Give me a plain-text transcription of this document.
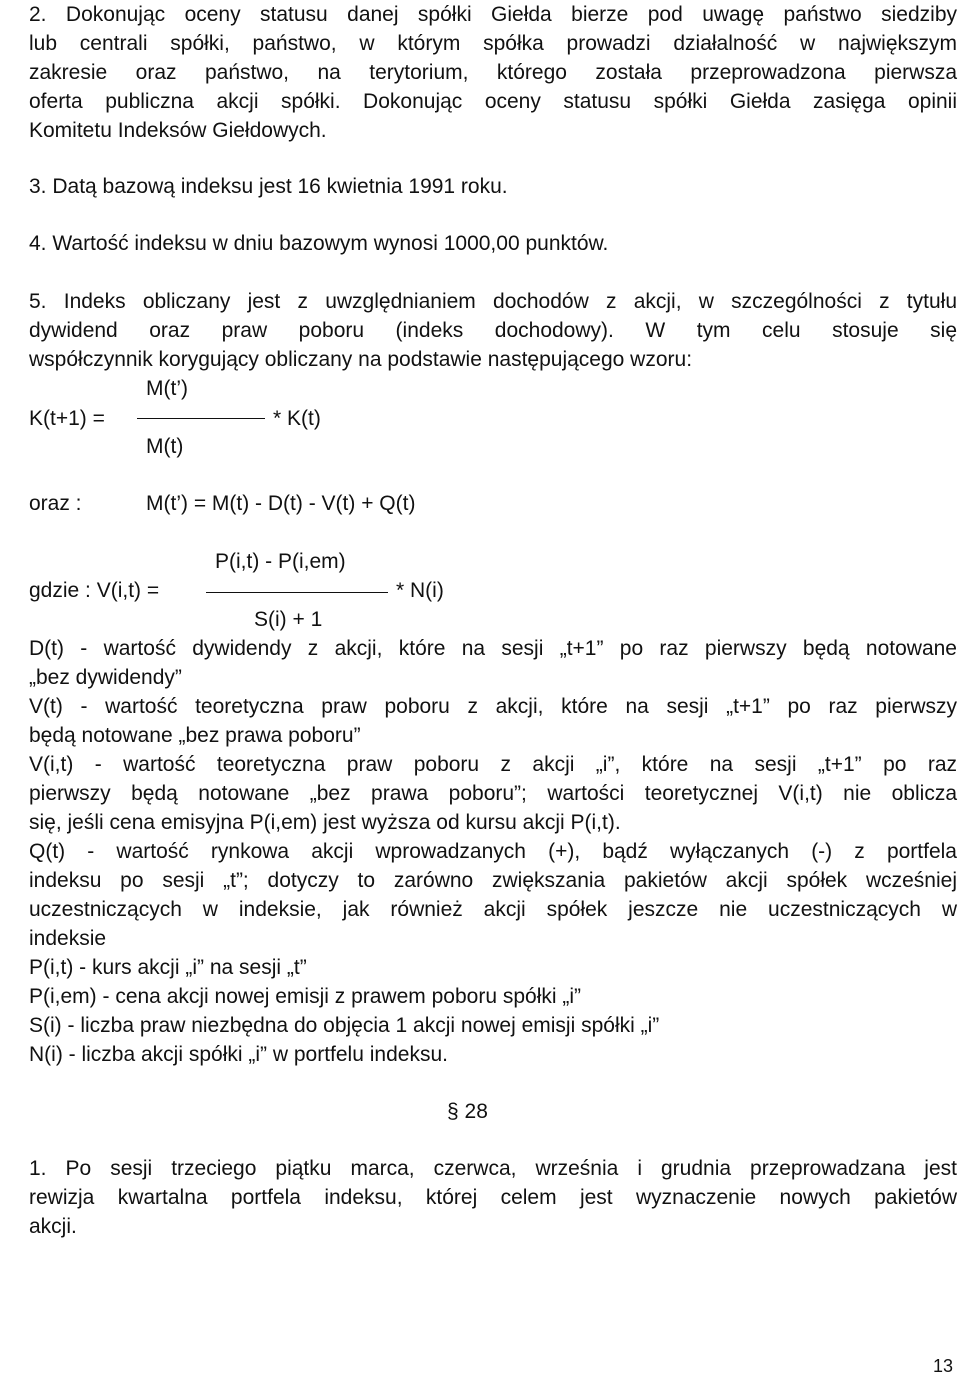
2. Dokonując oceny statusu danej spółki Giełda bierze pod uwagę państwo siedziby
lub centrali spółki, państwo, w którym spółka prowadzi działalność w największym
zakresie oraz państwo, na terytorium, którego została przeprowadzona pierwsza
oferta publiczna akcji spółki. Dokonując oceny statusu spółki Giełda zasięga opinii
Komitetu Indeksów Giełdowych.
3. Datą bazową indeksu jest 16 kwietnia 1991 roku.
4. Wartość indeksu w dniu bazowym wynosi 1000,00 punktów.
5. Indeks obliczany jest z uwzględnianiem dochodów z akcji, w szczególności z tytułu
dywidend oraz praw poboru (indeks dochodowy). W tym celu stosuje się
współczynnik korygujący obliczany na podstawie następującego wzoru:
M(t’)
K(t+1) =	* K(t)
M(t)
oraz :	M(t’) = M(t) - D(t) - V(t) + Q(t)
P(i,t) - P(i,em)
gdzie : V(i,t) =	* N(i)
S(i) + 1
D(t) - wartość dywidendy z akcji, które na sesji „t+1” po raz pierwszy będą notowane
„bez dywidendy”
V(t) - wartość teoretyczna praw poboru z akcji, które na sesji „t+1” po raz pierwszy
będą notowane „bez prawa poboru”
V(i,t) - wartość teoretyczna praw poboru z akcji „i”, które na sesji „t+1” po raz
pierwszy będą notowane „bez prawa poboru”; wartości teoretycznej V(i,t) nie oblicza
się, jeśli cena emisyjna P(i,em) jest wyższa od kursu akcji P(i,t).
Q(t) - wartość rynkowa akcji wprowadzanych (+), bądź wyłączanych (-) z portfela
indeksu po sesji „t”; dotyczy to zarówno zwiększania pakietów akcji spółek wcześniej
uczestniczących w indeksie, jak również akcji spółek jeszcze nie uczestniczących w
indeksie
P(i,t) - kurs akcji „i” na sesji „t”
P(i,em) - cena akcji nowej emisji z prawem poboru spółki „i”
S(i) - liczba praw niezbędna do objęcia 1 akcji nowej emisji spółki „i”
N(i) - liczba akcji spółki „i” w portfelu indeksu.
§ 28
1. Po sesji trzeciego piątku marca, czerwca, września i grudnia przeprowadzana jest
rewizja kwartalna portfela indeksu, której celem jest wyznaczenie nowych pakietów
akcji.
13
